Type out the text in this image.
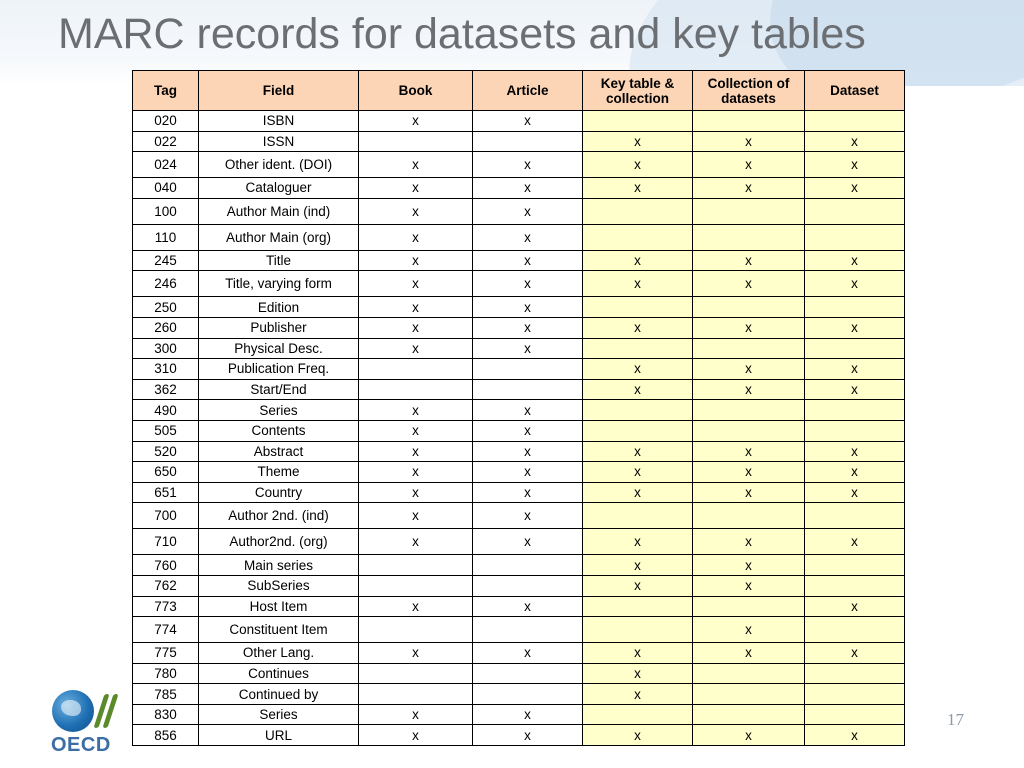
MARC records for datasets and key tables
Tag	Field	Book	Article	Key table & collection	Collection of datasets	Dataset
020	ISBN	x	x			
022	ISSN			x	x	x
024	Other ident. (DOI)	x	x	x	x	x
040	Cataloguer	x	x	x	x	x
100	Author Main (ind)	x	x			
110	Author Main (org)	x	x			
245	Title	x	x	x	x	x
246	Title, varying form	x	x	x	x	x
250	Edition	x	x			
260	Publisher	x	x	x	x	x
300	Physical Desc.	x	x			
310	Publication Freq.			x	x	x
362	Start/End			x	x	x
490	Series	x	x			
505	Contents	x	x			
520	Abstract	x	x	x	x	x
650	Theme	x	x	x	x	x
651	Country	x	x	x	x	x
700	Author 2nd. (ind)	x	x			
710	Author2nd. (org)	x	x	x	x	x
760	Main series			x	x	
762	SubSeries			x	x	
773	Host Item	x	x			x
774	Constituent Item				x	
775	Other Lang.	x	x	x	x	x
780	Continues			x		
785	Continued by			x		
830	Series	x	x			
856	URL	x	x	x	x	x
OECD
17
